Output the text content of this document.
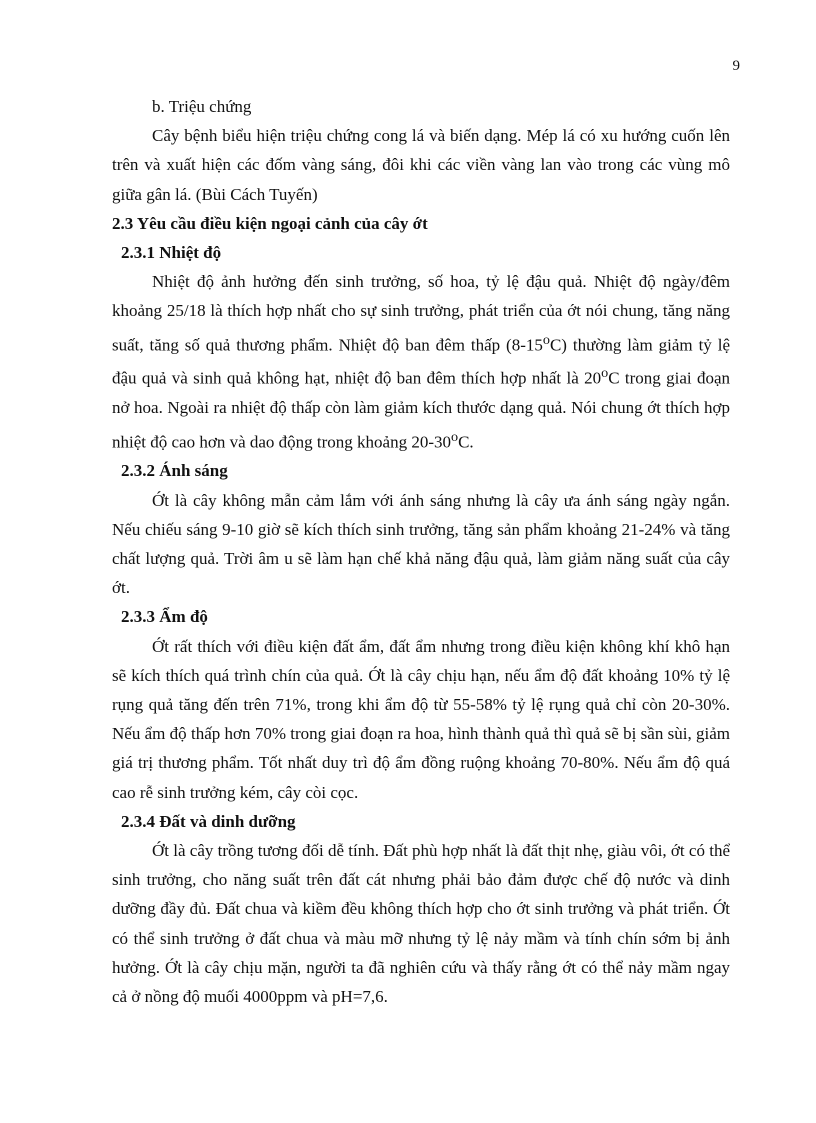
9

b. Triệu chứng

Cây bệnh biểu hiện triệu chứng cong lá và biến dạng. Mép lá có xu hướng cuốn lên trên và xuất hiện các đốm vàng sáng, đôi khi các viền vàng lan vào trong các vùng mô giữa gân lá. (Bùi Cách Tuyến)

2.3 Yêu cầu điều kiện ngoại cảnh của cây ớt

2.3.1 Nhiệt độ

Nhiệt độ ảnh hưởng đến sinh trưởng, số hoa, tỷ lệ đậu quả. Nhiệt độ ngày/đêm khoảng 25/18 là thích hợp nhất cho sự sinh trưởng, phát triển của ớt nói chung, tăng năng suất, tăng số quả thương phẩm. Nhiệt độ ban đêm thấp (8-15$^o$C) thường làm giảm tỷ lệ đậu quả và sinh quả không hạt, nhiệt độ ban đêm thích hợp nhất là 20$^o$C trong giai đoạn nở hoa. Ngoài ra nhiệt độ thấp còn làm giảm kích thước dạng quả. Nói chung ớt thích hợp nhiệt độ cao hơn và dao động trong khoảng 20-30$^o$C.

2.3.2 Ánh sáng

Ớt là cây không mẫn cảm lắm với ánh sáng nhưng là cây ưa ánh sáng ngày ngắn. Nếu chiếu sáng 9-10 giờ sẽ kích thích sinh trưởng, tăng sản phẩm khoảng 21-24% và tăng chất lượng quả. Trời âm u sẽ làm hạn chế khả năng đậu quả, làm giảm năng suất của cây ớt.

2.3.3 Ẩm độ

Ớt rất thích với điều kiện đất ẩm, đất ẩm nhưng trong điều kiện không khí khô hạn sẽ kích thích quá trình chín của quả. Ớt là cây chịu hạn, nếu ẩm độ đất khoảng 10% tỷ lệ rụng quả tăng đến trên 71%, trong khi ẩm độ từ 55-58% tỷ lệ rụng quả chỉ còn 20-30%. Nếu ẩm độ thấp hơn 70% trong giai đoạn ra hoa, hình thành quả thì quả sẽ bị sần sùi, giảm giá trị thương phẩm. Tốt nhất duy trì độ ẩm đồng ruộng khoảng 70-80%. Nếu ẩm độ quá cao rễ sinh trưởng kém, cây còi cọc.

2.3.4 Đất và dinh dưỡng

Ớt là cây trồng tương đối dễ tính. Đất phù hợp nhất là đất thịt nhẹ, giàu vôi, ớt có thể sinh trưởng, cho năng suất trên đất cát nhưng phải bảo đảm được chế độ nước và dinh dưỡng đầy đủ. Đất chua và kiềm đều không thích hợp cho ớt sinh trưởng và phát triển. Ớt có thể sinh trưởng ở đất chua và màu mỡ nhưng tỷ lệ nảy mầm và tính chín sớm bị ảnh hưởng. Ớt là cây chịu mặn, người ta đã nghiên cứu và thấy rằng ớt có thể nảy mầm ngay cả ở nồng độ muối 4000ppm và pH=7,6.
